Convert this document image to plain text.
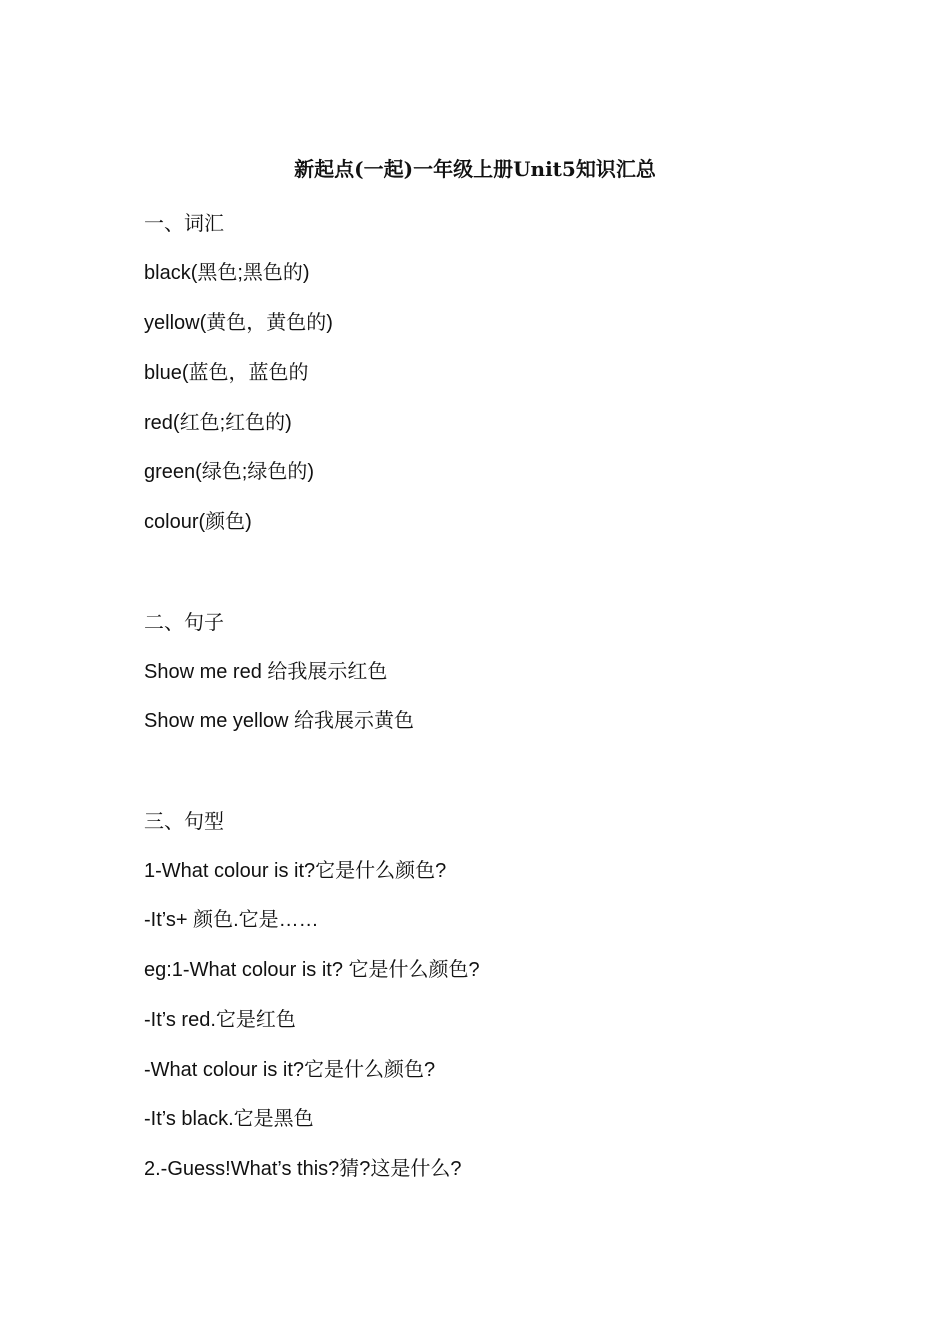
新起点(一起)一年级上册Unit5知识汇总
一、词汇
black(黑色;黑色的)
yellow(黄色，黄色的)
blue(蓝色，蓝色的
red(红色;红色的)
green(绿色;绿色的)
colour(颜色)
二、句子
Show me red 给我展示红色
Show me yellow 给我展示黄色
三、句型
1-What colour is it?它是什么颜色?
-It’s+ 颜色.它是……
eg:1-What colour is it? 它是什么颜色?
-It’s red.它是红色
-What colour is it?它是什么颜色?
-It’s black.它是黑色
2.-Guess!What’s this?猜?这是什么?
